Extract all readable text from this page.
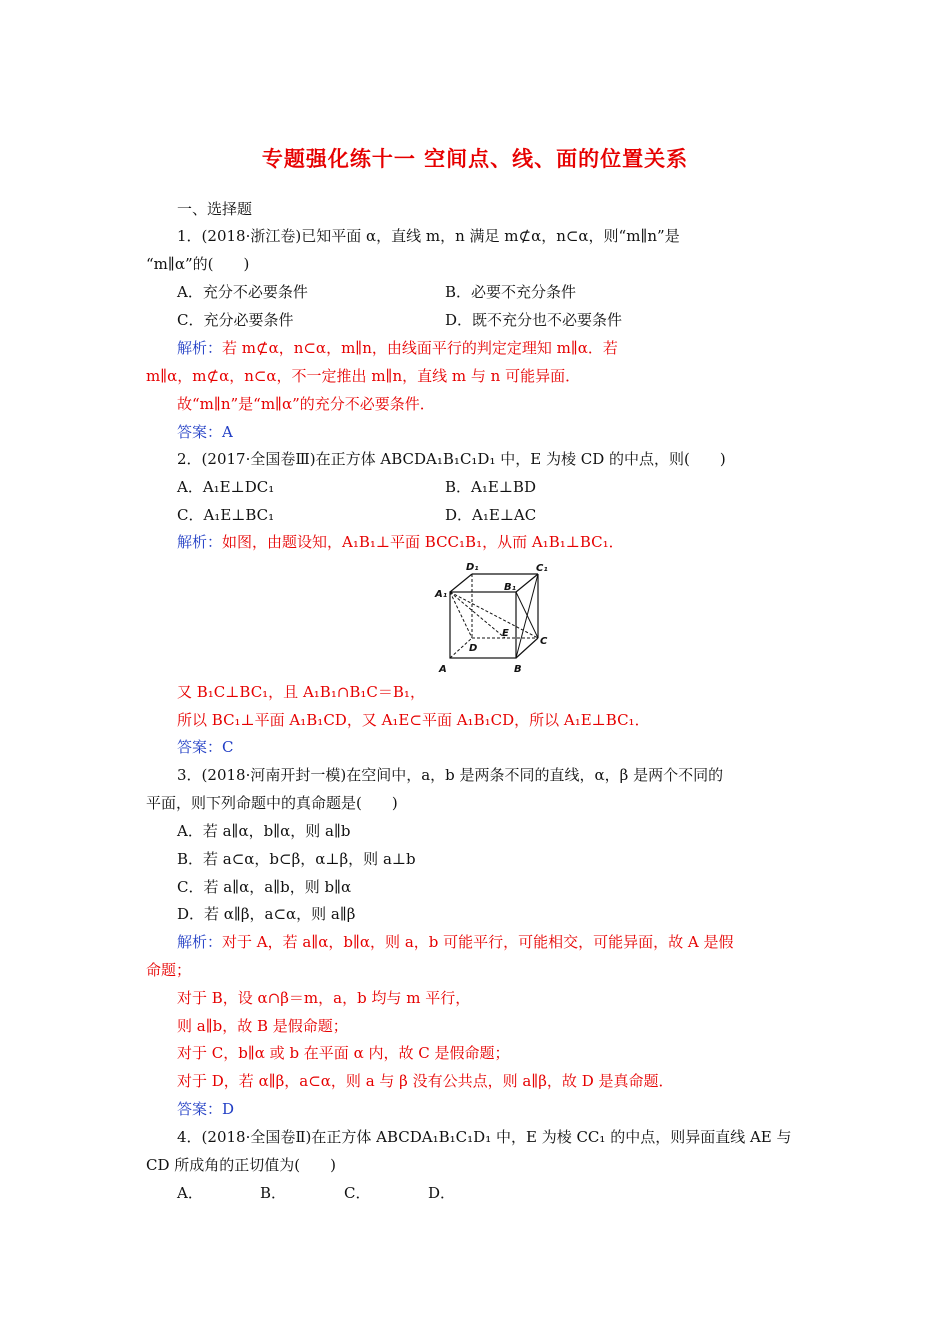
专题强化练十一 空间点、线、面的位置关系
一、选择题
1．(2018·浙江卷)已知平面 α，直线 m，n 满足 m⊄α，n⊂α，则“m∥n”是
“m∥α”的(　　)
A．充分不必要条件	B．必要不充分条件
C．充分必要条件	D．既不充分也不必要条件
解析：若 m⊄α，n⊂α，m∥n，由线面平行的判定定理知 m∥α．若
m∥α，m⊄α，n⊂α，不一定推出 m∥n，直线 m 与 n 可能异面．
故“m∥n”是“m∥α”的充分不必要条件．
答案：A
2．(2017·全国卷Ⅲ)在正方体 ABCDA₁B₁C₁D₁ 中，E 为棱 CD 的中点，则(　　)
A．A₁E⊥DC₁	B．A₁E⊥BD
C．A₁E⊥BC₁	D．A₁E⊥AC
解析：如图，由题设知，A₁B₁⊥平面 BCC₁B₁，从而 A₁B₁⊥BC₁．
D₁	C₁
B₁
A₁
E
C
D
A	B
又 B₁C⊥BC₁，且 A₁B₁∩B₁C＝B₁，
所以 BC₁⊥平面 A₁B₁CD，又 A₁E⊂平面 A₁B₁CD，所以 A₁E⊥BC₁．
答案：C
3．(2018·河南开封一模)在空间中，a，b 是两条不同的直线，α，β 是两个不同的
平面，则下列命题中的真命题是(　　)
A．若 a∥α，b∥α，则 a∥b
B．若 a⊂α，b⊂β，α⊥β，则 a⊥b
C．若 a∥α，a∥b，则 b∥α
D．若 α∥β，a⊂α，则 a∥β
解析：对于 A，若 a∥α，b∥α，则 a，b 可能平行，可能相交，可能异面，故 A 是假
命题；
对于 B，设 α∩β＝m，a，b 均与 m 平行，
则 a∥b，故 B 是假命题；
对于 C，b∥α 或 b 在平面 α 内，故 C 是假命题；
对于 D，若 α∥β，a⊂α，则 a 与 β 没有公共点，则 a∥β，故 D 是真命题．
答案：D
4．(2018·全国卷Ⅱ)在正方体 ABCDA₁B₁C₁D₁ 中，E 为棱 CC₁ 的中点，则异面直线 AE 与
CD 所成角的正切值为(　　)
A．	B．	C．	D．
